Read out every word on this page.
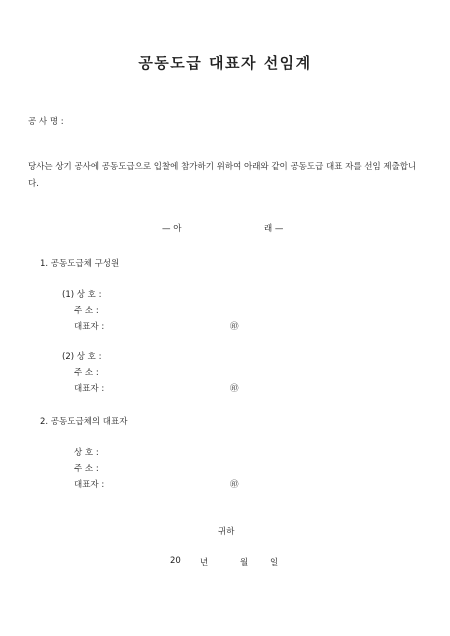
공동도급 대표자 선임계
공 사 명 :
당사는 상기 공사에 공동도급으로 입찰에 참가하기 위하여 아래와 같이 공동도급 대표 자를 선임 제출합니다.
— 아	래 —
1. 공동도급체 구성원
(1) 상 호 :
주 소 :
대표자 :	㊞
(2) 상 호 :
주 소 :
대표자 :	㊞
2. 공동도급체의 대표자
상 호 :
주 소 :
대표자 :	㊞
귀하
20 년	월	일
